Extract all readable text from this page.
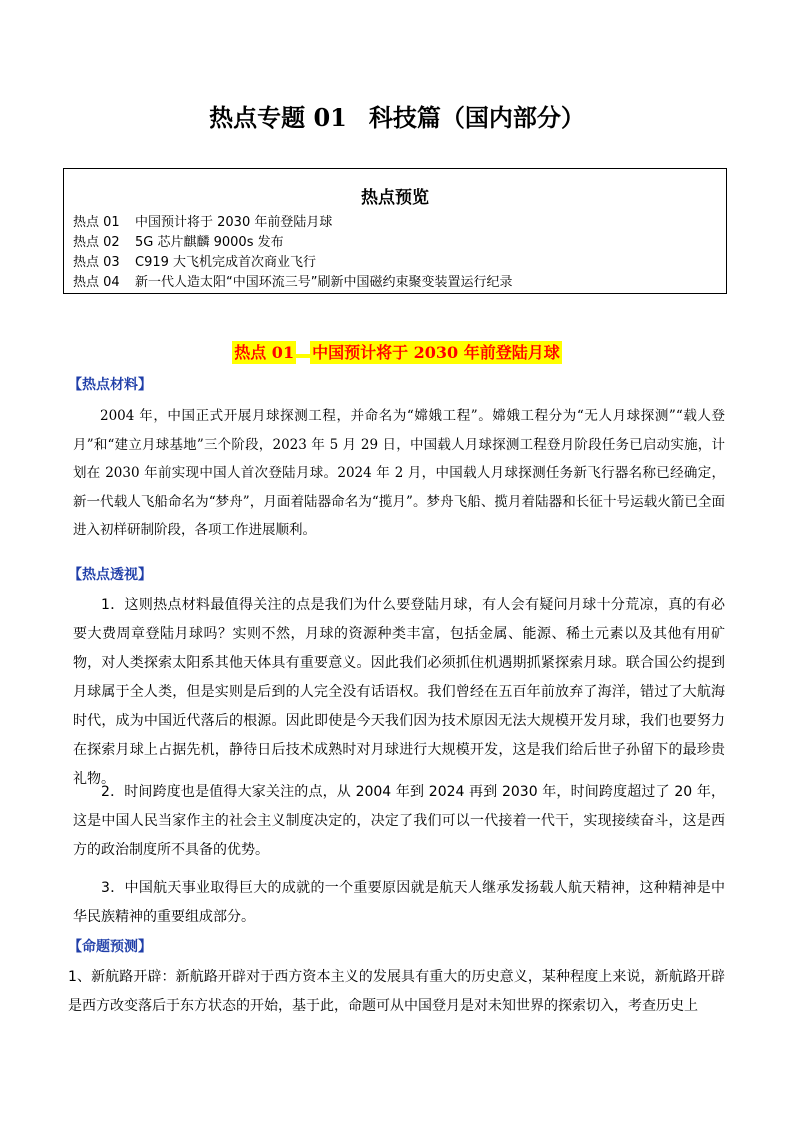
热点专题 01 科技篇（国内部分）
热点预览
热点 01 中国预计将于 2030 年前登陆月球
热点 02 5G 芯片麒麟 9000s 发布
热点 03 C919 大飞机完成首次商业飞行
热点 04 新一代人造太阳“中国环流三号”刷新中国磁约束聚变装置运行纪录
热点 01 中国预计将于 2030 年前登陆月球
【热点材料】

2004 年，中国正式开展月球探测工程，并命名为“嫦娥工程”。嫦娥工程分为“无人月球探测”“载人登月”和“建立月球基地”三个阶段，2023 年 5 月 29 日，中国载人月球探测工程登月阶段任务已启动实施，计划在 2030 年前实现中国人首次登陆月球。2024 年 2 月，中国载人月球探测任务新飞行器名称已经确定，新一代载人飞船命名为“梦舟”，月面着陆器命名为“揽月”。梦舟飞船、揽月着陆器和长征十号运载火箭已全面进入初样研制阶段，各项工作进展顺利。

【热点透视】

1．这则热点材料最值得关注的点是我们为什么要登陆月球，有人会有疑问月球十分荒凉，真的有必要大费周章登陆月球吗？实则不然，月球的资源种类丰富，包括金属、能源、稀土元素以及其他有用矿物，对人类探索太阳系其他天体具有重要意义。因此我们必须抓住机遇期抓紧探索月球。联合国公约提到月球属于全人类，但是实则是后到的人完全没有话语权。我们曾经在五百年前放弃了海洋，错过了大航海时代，成为中国近代落后的根源。因此即使是今天我们因为技术原因无法大规模开发月球，我们也要努力在探索月球上占据先机，静待日后技术成熟时对月球进行大规模开发，这是我们给后世子孙留下的最珍贵礼物。

2．时间跨度也是值得大家关注的点，从 2004 年到 2024 再到 2030 年，时间跨度超过了 20 年，这是中国人民当家作主的社会主义制度决定的，决定了我们可以一代接着一代干，实现接续奋斗，这是西方的政治制度所不具备的优势。

3．中国航天事业取得巨大的成就的一个重要原因就是航天人继承发扬载人航天精神，这种精神是中华民族精神的重要组成部分。

【命题预测】

1、新航路开辟：新航路开辟对于西方资本主义的发展具有重大的历史意义，某种程度上来说，新航路开辟是西方改变落后于东方状态的开始，基于此，命题可从中国登月是对未知世界的探索切入，考查历史上
